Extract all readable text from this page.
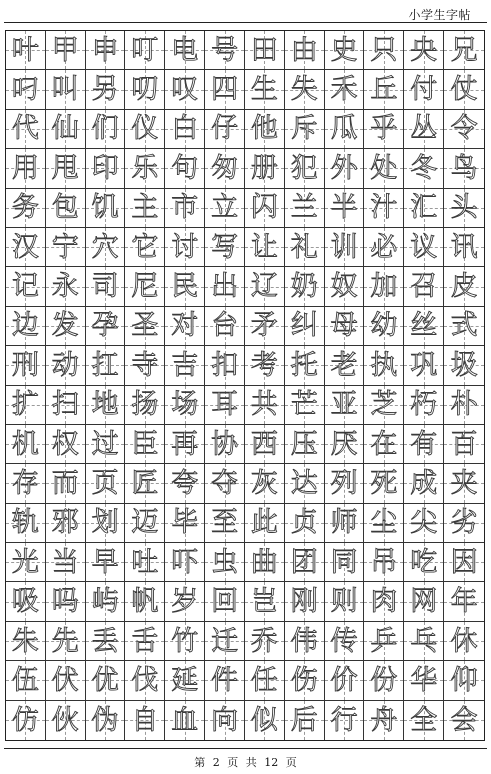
小学生字帖
叶 甲 申 叮 电 号 田 由 史 只 央 兄
叼 叫 另 叨 叹 四 生 失 禾 丘 付 仗
代 仙 们 仪 白 仔 他 斥 瓜 乎 丛 令
用 甩 印 乐 句 匆 册 犯 外 处 冬 鸟
务 包 饥 主 市 立 闪 兰 半 汁 汇 头
汉 宁 穴 它 讨 写 让 礼 训 必 议 讯
记 永 司 尼 民 出 辽 奶 奴 加 召 皮
边 发 孕 圣 对 台 矛 纠 母 幼 丝 式
刑 动 扛 寺 吉 扣 考 托 老 执 巩 圾
扩 扫 地 扬 场 耳 共 芒 亚 芝 朽 朴
机 权 过 臣 再 协 西 压 厌 在 有 百
存 而 页 匠 夸 夺 灰 达 列 死 成 夹
轨 邪 划 迈 毕 至 此 贞 师 尘 尖 劣
光 当 早 吐 吓 虫 曲 团 同 吊 吃 因
吸 吗 屿 帆 岁 回 岂 刚 则 肉 网 年
朱 先 丢 舌 竹 迁 乔 伟 传 乒 乓 休
伍 伏 优 伐 延 件 任 伤 价 份 华 仰
仿 伙 伪 自 血 向 似 后 行 舟 全 会
第 2 页 共 12 页
